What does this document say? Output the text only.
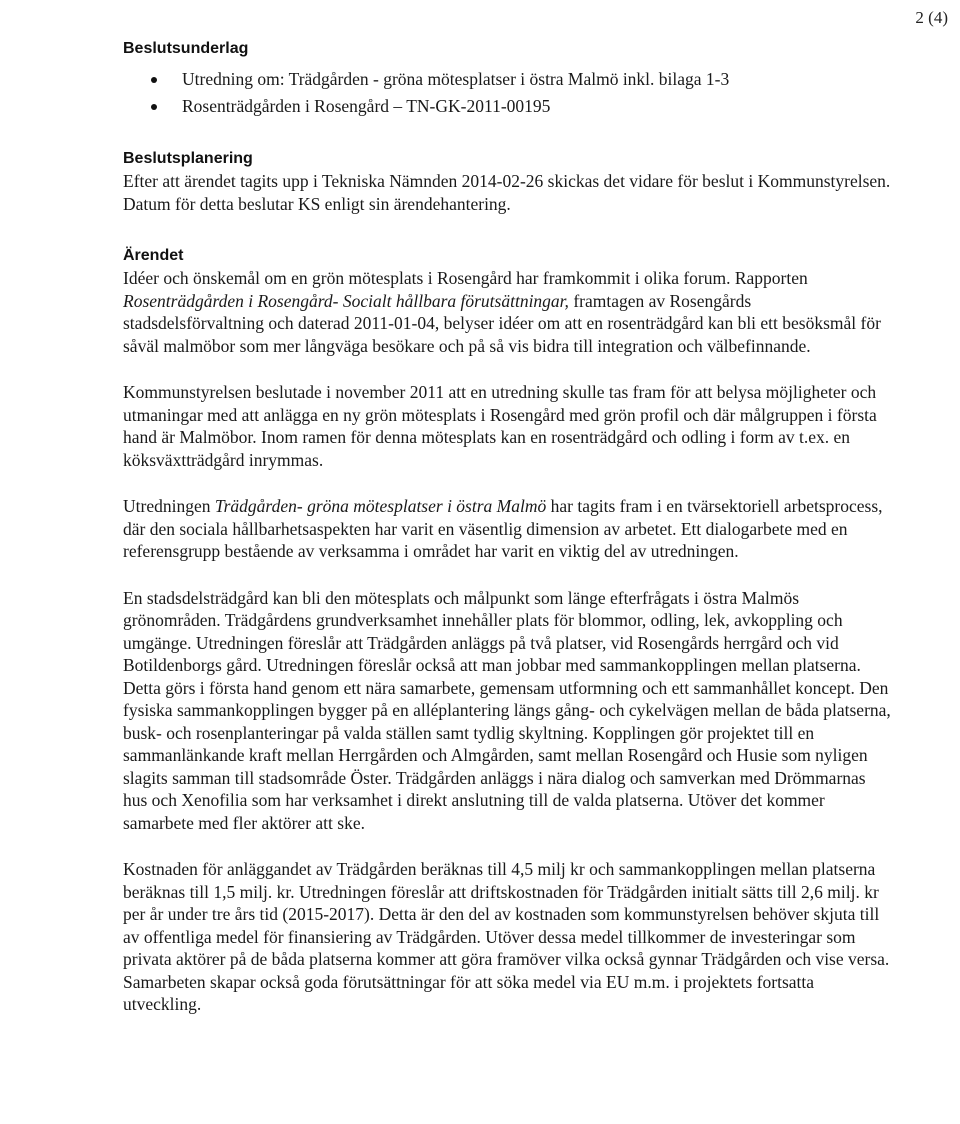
2 (4)
Beslutsunderlag
Utredning om: Trädgården - gröna mötesplatser i östra Malmö inkl. bilaga 1-3
Rosenträdgården i Rosengård – TN-GK-2011-00195
Beslutsplanering

Efter att ärendet tagits upp i Tekniska Nämnden 2014-02-26 skickas det vidare för beslut i Kommunstyrelsen. Datum för detta beslutar KS enligt sin ärendehantering.

Ärendet

Idéer och önskemål om en grön mötesplats i Rosengård har framkommit i olika forum. Rapporten Rosenträdgården i Rosengård- Socialt hållbara förutsättningar, framtagen av Rosengårds stadsdelsförvaltning och daterad 2011-01-04, belyser idéer om att en rosenträdgård kan bli ett besöksmål för såväl malmöbor som mer långväga besökare och på så vis bidra till integration och välbefinnande.

Kommunstyrelsen beslutade i november 2011 att en utredning skulle tas fram för att belysa möjligheter och utmaningar med att anlägga en ny grön mötesplats i Rosengård med grön profil och där målgruppen i första hand är Malmöbor. Inom ramen för denna mötesplats kan en rosenträdgård och odling i form av t.ex. en köksväxtträdgård inrymmas.

Utredningen Trädgården- gröna mötesplatser i östra Malmö har tagits fram i en tvärsektoriell arbetsprocess, där den sociala hållbarhetsaspekten har varit en väsentlig dimension av arbetet. Ett dialogarbete med en referensgrupp bestående av verksamma i området har varit en viktig del av utredningen.

En stadsdelsträdgård kan bli den mötesplats och målpunkt som länge efterfrågats i östra Malmös grönområden. Trädgårdens grundverksamhet innehåller plats för blommor, odling, lek, avkoppling och umgänge. Utredningen föreslår att Trädgården anläggs på två platser, vid Rosengårds herrgård och vid Botildenborgs gård. Utredningen föreslår också att man jobbar med sammankopplingen mellan platserna. Detta görs i första hand genom ett nära samarbete, gemensam utformning och ett sammanhållet koncept. Den fysiska sammankopplingen bygger på en alléplantering längs gång- och cykelvägen mellan de båda platserna, busk- och rosenplanteringar på valda ställen samt tydlig skyltning. Kopplingen gör projektet till en sammanlänkande kraft mellan Herrgården och Almgården, samt mellan Rosengård och Husie som nyligen slagits samman till stadsområde Öster. Trädgården anläggs i nära dialog och samverkan med Drömmarnas hus och Xenofilia som har verksamhet i direkt anslutning till de valda platserna. Utöver det kommer samarbete med fler aktörer att ske.

Kostnaden för anläggandet av Trädgården beräknas till 4,5 milj kr och sammankopplingen mellan platserna beräknas till 1,5 milj. kr. Utredningen föreslår att driftskostnaden för Trädgården initialt sätts till 2,6 milj. kr per år under tre års tid (2015-2017). Detta är den del av kostnaden som kommunstyrelsen behöver skjuta till av offentliga medel för finansiering av Trädgården. Utöver dessa medel tillkommer de investeringar som privata aktörer på de båda platserna kommer att göra framöver vilka också gynnar Trädgården och vise versa. Samarbeten skapar också goda förutsättningar för att söka medel via EU m.m. i projektets fortsatta utveckling.
